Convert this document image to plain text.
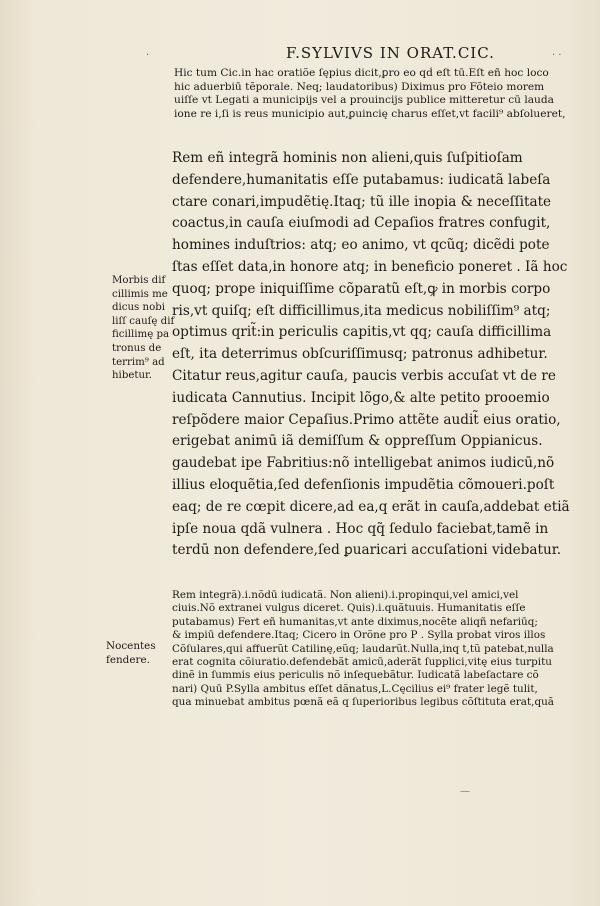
·	F.SYLVIVS IN ORAT.CIC.	· ·
Hic tum Cic.in hac oratiõe ſępius dicit,ꝑro eo qḋ eſt tū.Eſt eñ hoc loco
hic aduerbiū tẽporale. Neq; laudatoribus) Diximus pro Fõteio morem
uiſſe vt Legati a municipijs vel a prouincijs publice mitteretur cū lauda
ione re i,ſi is reus municipio aut,ꝑuincię charus eſſet,vt facili⁹ abſolueret,
Rem eñ integrã hominis non alieni,quis ſuſpitioſam
defendere,humanitatis eſſe putabamus: iudicatã labeſa
ctare conari,impudẽtię.Itaq; tũ ille inopia & neceſſitate
coactus,in cauſa eiuſmodi ad Cepaſios fratres confugit,
homines induſtrios: atq; eo animo, vt qcũq; dicẽdi pote
ſtas eſſet data,in honore atq; in beneficio poneret . Iã hoc
quoq; prope iniquiſſime cõparatũ eſt,ꝙ in morbis corpo
ris,vt quiſq; eſt difficillimus,ita medicus nobiliſſim⁹ atq;
optimus qrit̃:in periculis capitis,vt qq; cauſa difficillima
eſt, ita deterrimus obſcuriſſimusq; patronus adhibetur.
Citatur reus,agitur cauſa, paucis verbis accuſat vt de re
iudicata Cannutius. Incipit lõgo,& alte petito prooemio
reſpõdere maior Cepaſius.Primo attẽte audit̃ eius oratio,
erigebat animū iã demiſſum & oppreſſum Oppianicus.
gaudebat ipe Fabritius:nõ intelligebat animos iudicū,nõ
illius eloquẽtia,ſed defenſionis impudẽtia cõmoueri.poſt
eaq; de re cœpit dicere,ad ea,q erãt in cauſa,addebat etiã
ipſe noua qdã vulnera . Hoc qq̃ ſedulo faciebat,tamẽ in
terdū non defendere,ſed ꝑuaricari accuſationi videbatur.
Morbis dif
cillimis me
dicus nobi
liſſ cauſę dif
ficillimę pa
tronus de
terrim⁹ ad
hibetur.
Rem integrã).i.nõdū iudicatã. Non alieni).i.propinqui,vel amici,vel
ciuis.Nõ extranei vulgus diceret. Quis).i.quãtuuis. Humanitatis eſſe
putabamus) Fert eñ humanitas,vt ante diximus,nocẽte aliqñ nefariūq;
& impiū defendere.Itaq; Cicero in Orõne pro P . Sylla probat viros illos
Cõſulares,qui affuerũt Catilinę,eũq; laudarũt.Nulla,inq t,tũ patebat,nulla
erat cognita cõiuratio.defendebãt amicū,aderãt ſupplici,vitę eius turpitu
dinẽ in ſummis eius periculis nõ inſequebãtur. Iudicatã labeſactare cõ
nari) Quū P.Sylla ambitus eſſet dãnatus,L.Cęcilius ei⁹ frater legẽ tulit,
qua minuebat ambitus pœnã eã q ſuperioribus legibus cõſtituta erat,quã
Nocentes
fendere.
—
